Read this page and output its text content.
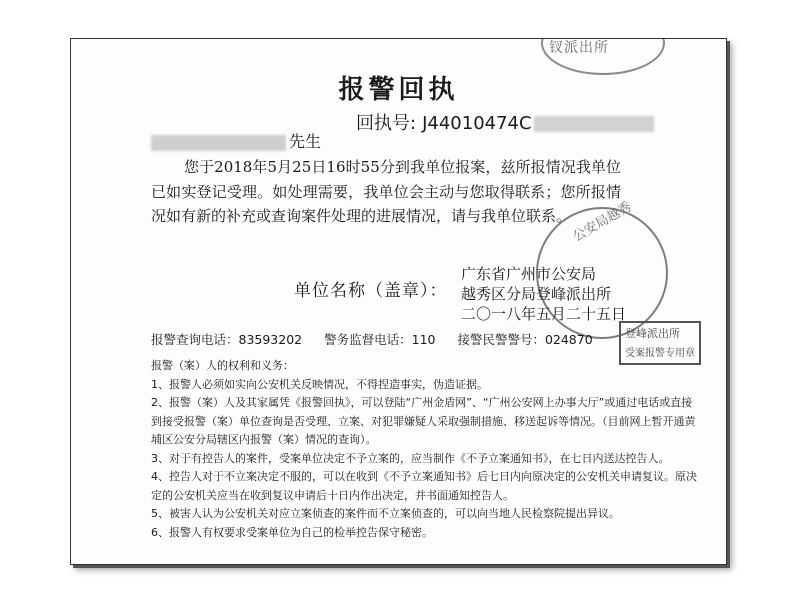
钗派出所
报警回执
回执号: J44010474C
先生
您于2018年5月25日16时55分到我单位报案，兹所报情况我单位已如实登记受理。如处理需要，我单位会主动与您取得联系；您所报情况如有新的补充或查询案件处理的进展情况，请与我单位联系。
单位名称（盖章）：
公安局越秀
广东省广州市公安局
越秀区分局登峰派出所
二〇一八年五月二十五日
登峰派出所
受案报警专用章
报警查询电话：83593202 警务监督电话：110 接警民警警号：024870

报警（案）人的权利和义务：

1、报警人必须如实向公安机关反映情况，不得捏造事实，伪造证据。

2、报警（案）人及其家属凭《报警回执》，可以登陆“广州金盾网”、“广州公安网上办事大厅”或通过电话或直接到接受报警（案）单位查询是否受理、立案、对犯罪嫌疑人采取强制措施、移送起诉等情况。（目前网上暂开通黄埔区公安分局辖区内报警（案）情况的查询）。

3、对于有控告人的案件，受案单位决定不予立案的，应当制作《不予立案通知书》，在七日内送达控告人。

4、控告人对于不立案决定不服的，可以在收到《不予立案通知书》后七日内向原决定的公安机关申请复议。原决定的公安机关应当在收到复议申请后十日内作出决定，并书面通知控告人。

5、被害人认为公安机关对应立案侦查的案件而不立案侦查的，可以向当地人民检察院提出异议。

6、报警人有权要求受案单位为自己的检举控告保守秘密。
